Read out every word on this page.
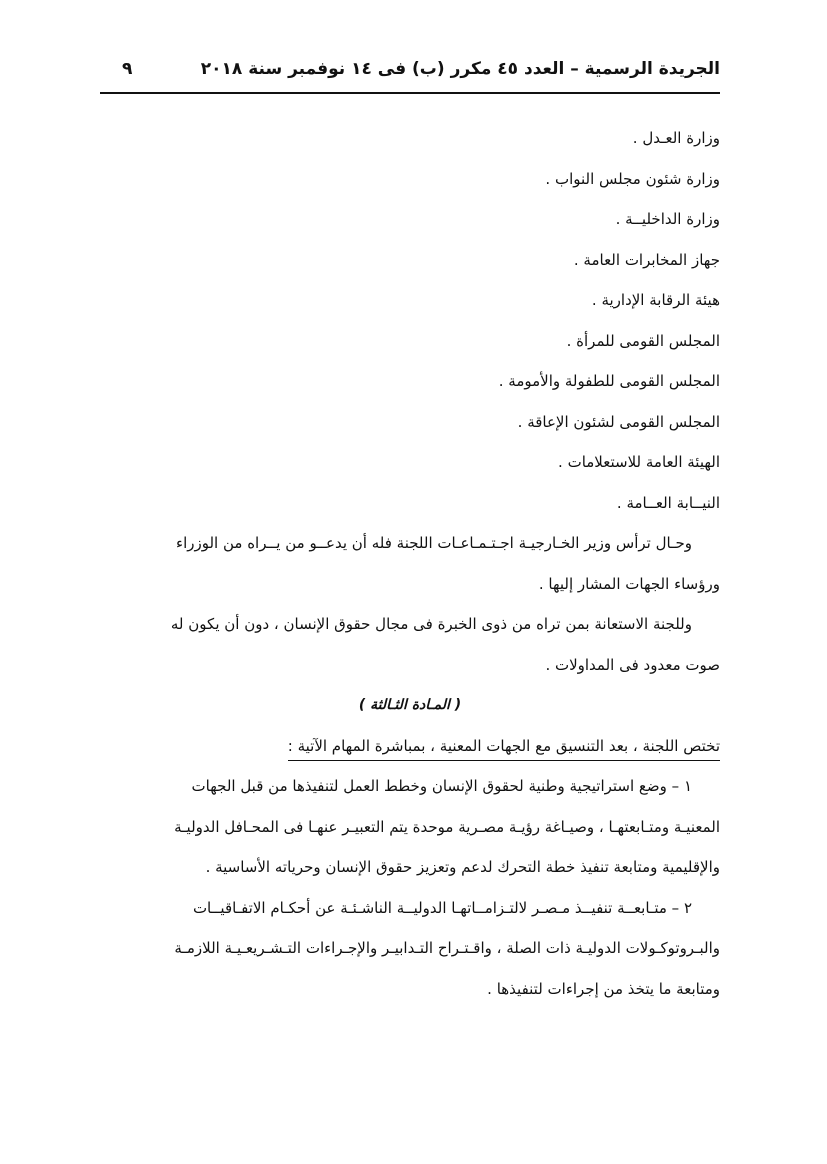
الجريدة الرسمية – العدد ٤٥ مكرر (ب) فى ١٤ نوفمبر سنة ٢٠١٨
٩
وزارة العـدل .
وزارة شئون مجلس النواب .
وزارة الداخليــة .
جهاز المخابرات العامة .
هيئة الرقابة الإدارية .
المجلس القومى للمرأة .
المجلس القومى للطفولة والأمومة .
المجلس القومى لشئون الإعاقة .
الهيئة العامة للاستعلامات .
النيــابة العــامة .
وحـال ترأس وزير الخـارجيـة اجـتـمـاعـات اللجنة فله أن يدعــو من يــراه من الوزراء
ورؤساء الجهات المشار إليها .
وللجنة الاستعانة بمن تراه من ذوى الخبرة فى مجال حقوق الإنسان ، دون أن يكون له
صوت معدود فى المداولات .
( المـادة الثـالثة )
تختص اللجنة ، بعد التنسيق مع الجهات المعنية ، بمباشرة المهام الآتية :
١ – وضع استراتيجية وطنية لحقوق الإنسان وخطط العمل لتنفيذها من قبل الجهات
المعنيـة ومتـابعتهـا ، وصيـاغة رؤيـة مصـرية موحدة يتم التعبيـر عنهـا فى المحـافل الدوليـة
والإقليمية ومتابعة تنفيذ خطة التحرك لدعم وتعزيز حقوق الإنسان وحرياته الأساسية .
٢ – متـابعــة تنفيــذ مـصـر لالتـزامــاتهـا الدوليــة الناشـئـة عن أحكـام الاتفـاقيــات
والبـروتوكـولات الدوليـة ذات الصلة ، واقـتـراح التـدابيـر والإجـراءات التـشـريعـيـة اللازمـة
ومتابعة ما يتخذ من إجراءات لتنفيذها .
